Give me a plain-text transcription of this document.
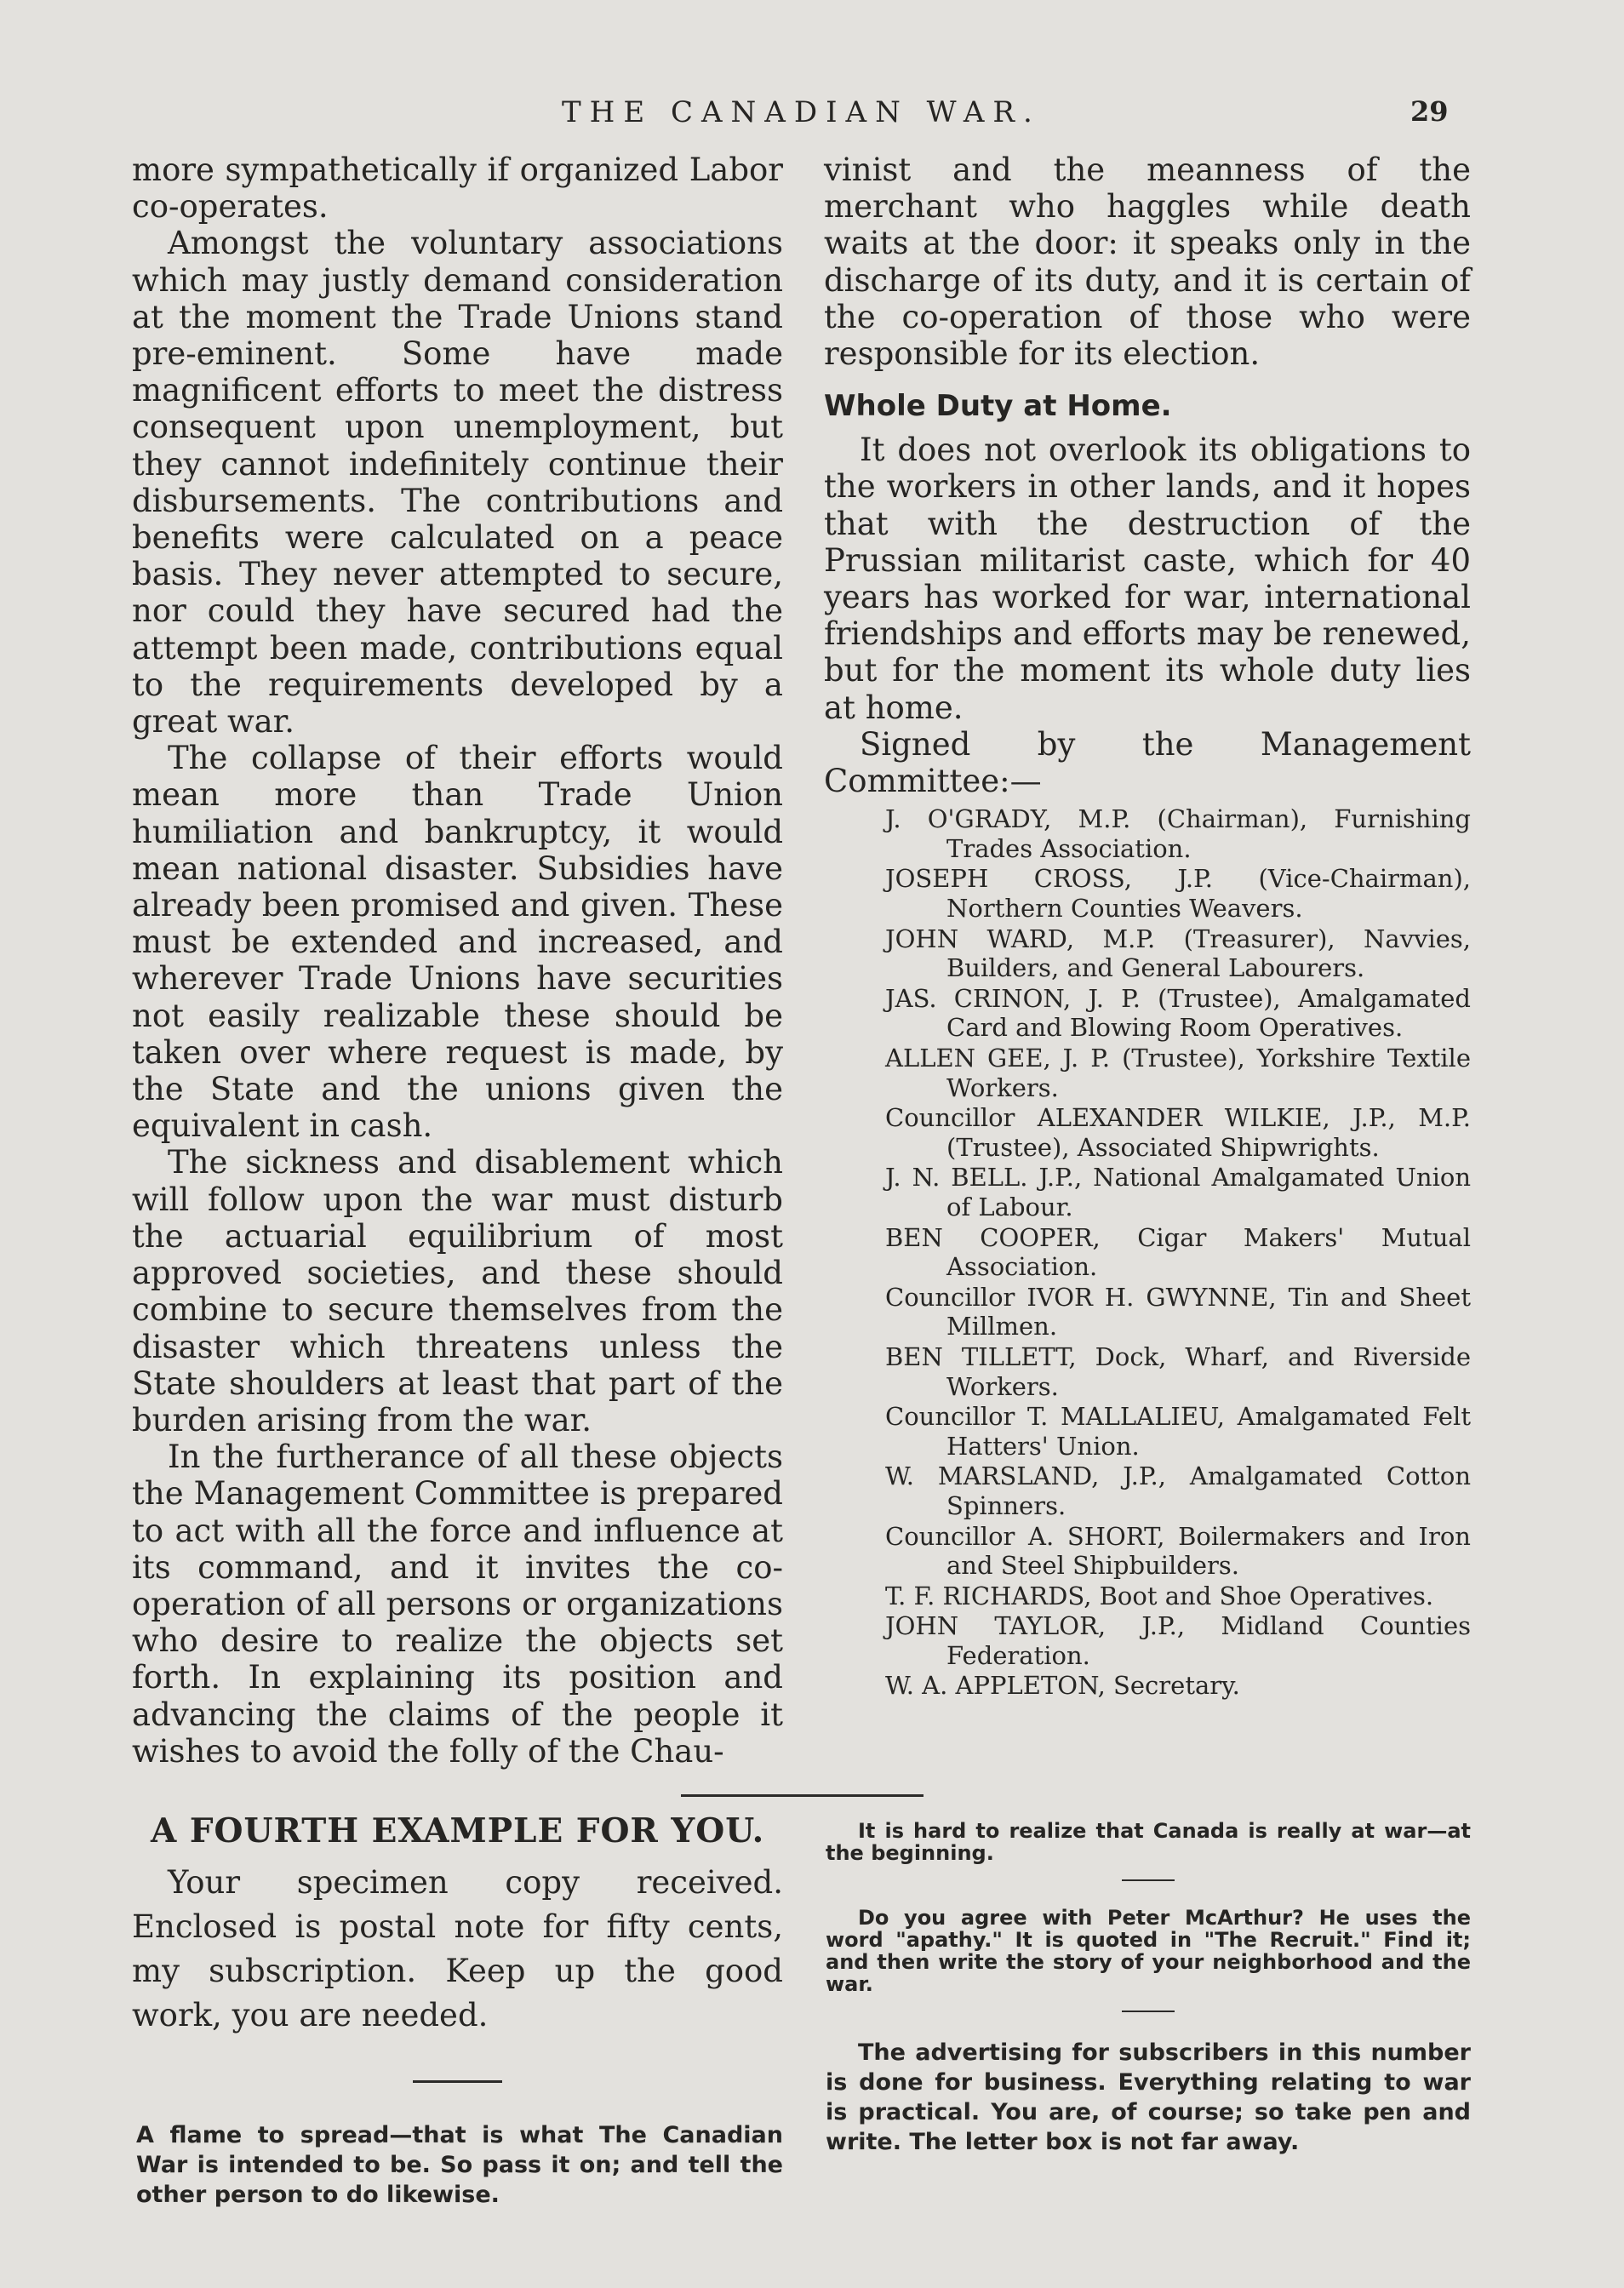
THE CANADIAN WAR.	29

more sympathetically if organized Labor co-operates.

Amongst the voluntary associations which may justly demand consideration at the moment the Trade Unions stand pre-eminent. Some have made magnificent efforts to meet the distress consequent upon unemployment, but they cannot indefinitely continue their disbursements. The contributions and benefits were calculated on a peace basis. They never attempted to secure, nor could they have secured had the attempt been made, contributions equal to the requirements developed by a great war.

The collapse of their efforts would mean more than Trade Union humiliation and bankruptcy, it would mean national disaster. Subsidies have already been promised and given. These must be extended and increased, and wherever Trade Unions have securities not easily realizable these should be taken over where request is made, by the State and the unions given the equivalent in cash.

The sickness and disablement which will follow upon the war must disturb the actuarial equilibrium of most approved societies, and these should combine to secure themselves from the disaster which threatens unless the State shoulders at least that part of the burden arising from the war.

In the furtherance of all these objects the Management Committee is prepared to act with all the force and influence at its command, and it invites the co-operation of all persons or organizations who desire to realize the objects set forth. In explaining its position and advancing the claims of the people it wishes to avoid the folly of the Chau-

vinist and the meanness of the merchant who haggles while death waits at the door: it speaks only in the discharge of its duty, and it is certain of the co-operation of those who were responsible for its election.

Whole Duty at Home.

It does not overlook its obligations to the workers in other lands, and it hopes that with the destruction of the Prussian militarist caste, which for 40 years has worked for war, international friendships and efforts may be renewed, but for the moment its whole duty lies at home.

Signed by the Management Committee:—

J. O'GRADY, M.P. (Chairman), Furnishing Trades Association.
JOSEPH CROSS, J.P. (Vice-Chairman), Northern Counties Weavers.
JOHN WARD, M.P. (Treasurer), Navvies, Builders, and General Labourers.
JAS. CRINON, J. P. (Trustee), Amalgamated Card and Blowing Room Operatives.
ALLEN GEE, J. P. (Trustee), Yorkshire Textile Workers.
Councillor ALEXANDER WILKIE, J.P., M.P. (Trustee), Associated Shipwrights.
J. N. BELL. J.P., National Amalgamated Union of Labour.
BEN COOPER, Cigar Makers' Mutual Association.
Councillor IVOR H. GWYNNE, Tin and Sheet Millmen.
BEN TILLETT, Dock, Wharf, and Riverside Workers.
Councillor T. MALLALIEU, Amalgamated Felt Hatters' Union.
W. MARSLAND, J.P., Amalgamated Cotton Spinners.
Councillor A. SHORT, Boilermakers and Iron and Steel Shipbuilders.
T. F. RICHARDS, Boot and Shoe Operatives.
JOHN TAYLOR, J.P., Midland Counties Federation.
W. A. APPLETON, Secretary.
A FOURTH EXAMPLE FOR YOU.

Your specimen copy received. Enclosed is postal note for fifty cents, my subscription. Keep up the good work, you are needed.

A flame to spread—that is what The Canadian War is intended to be. So pass it on; and tell the other person to do likewise.

It is hard to realize that Canada is really at war—at the beginning.

Do you agree with Peter McArthur? He uses the word "apathy." It is quoted in "The Recruit." Find it; and then write the story of your neighborhood and the war.

The advertising for subscribers in this number is done for business. Everything relating to war is practical. You are, of course; so take pen and write. The letter box is not far away.
